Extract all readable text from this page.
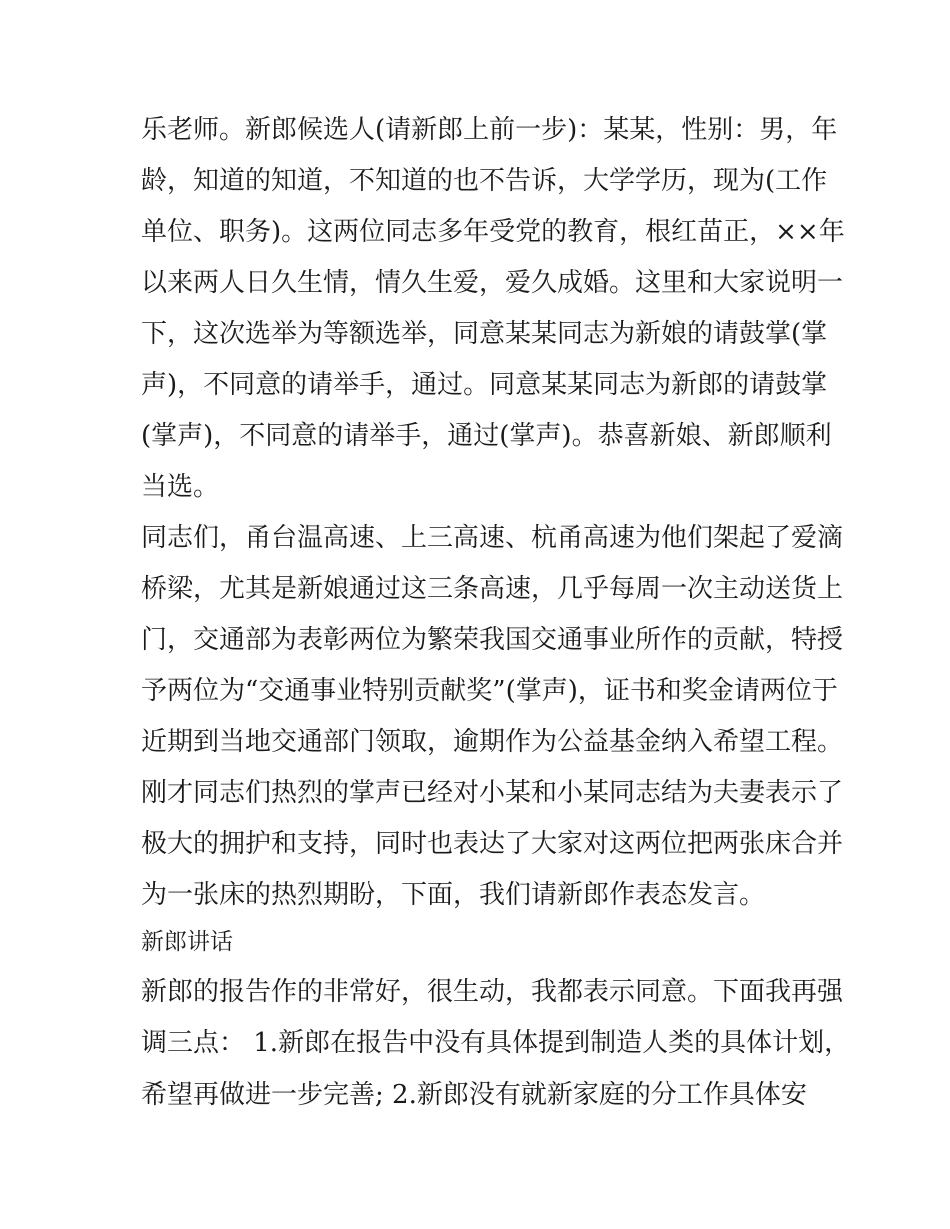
乐老师。新郎候选人(请新郎上前一步)：某某，性别：男，年
龄，知道的知道，不知道的也不告诉，大学学历，现为(工作
单位、职务)。这两位同志多年受党的教育，根红苗正，××年
以来两人日久生情，情久生爱，爱久成婚。这里和大家说明一
下，这次选举为等额选举，同意某某同志为新娘的请鼓掌(掌
声)，不同意的请举手，通过。同意某某同志为新郎的请鼓掌
(掌声)，不同意的请举手，通过(掌声)。恭喜新娘、新郎顺利
当选。
同志们，甬台温高速、上三高速、杭甬高速为他们架起了爱滴
桥梁，尤其是新娘通过这三条高速，几乎每周一次主动送货上
门，交通部为表彰两位为繁荣我国交通事业所作的贡献，特授
予两位为“交通事业特别贡献奖”(掌声)，证书和奖金请两位于
近期到当地交通部门领取，逾期作为公益基金纳入希望工程。
刚才同志们热烈的掌声已经对小某和小某同志结为夫妻表示了
极大的拥护和支持，同时也表达了大家对这两位把两张床合并
为一张床的热烈期盼，下面，我们请新郎作表态发言。
新郎讲话
新郎的报告作的非常好，很生动，我都表示同意。下面我再强
调三点： 1.新郎在报告中没有具体提到制造人类的具体计划，
希望再做进一步完善; 2.新郎没有就新家庭的分工作具体安
